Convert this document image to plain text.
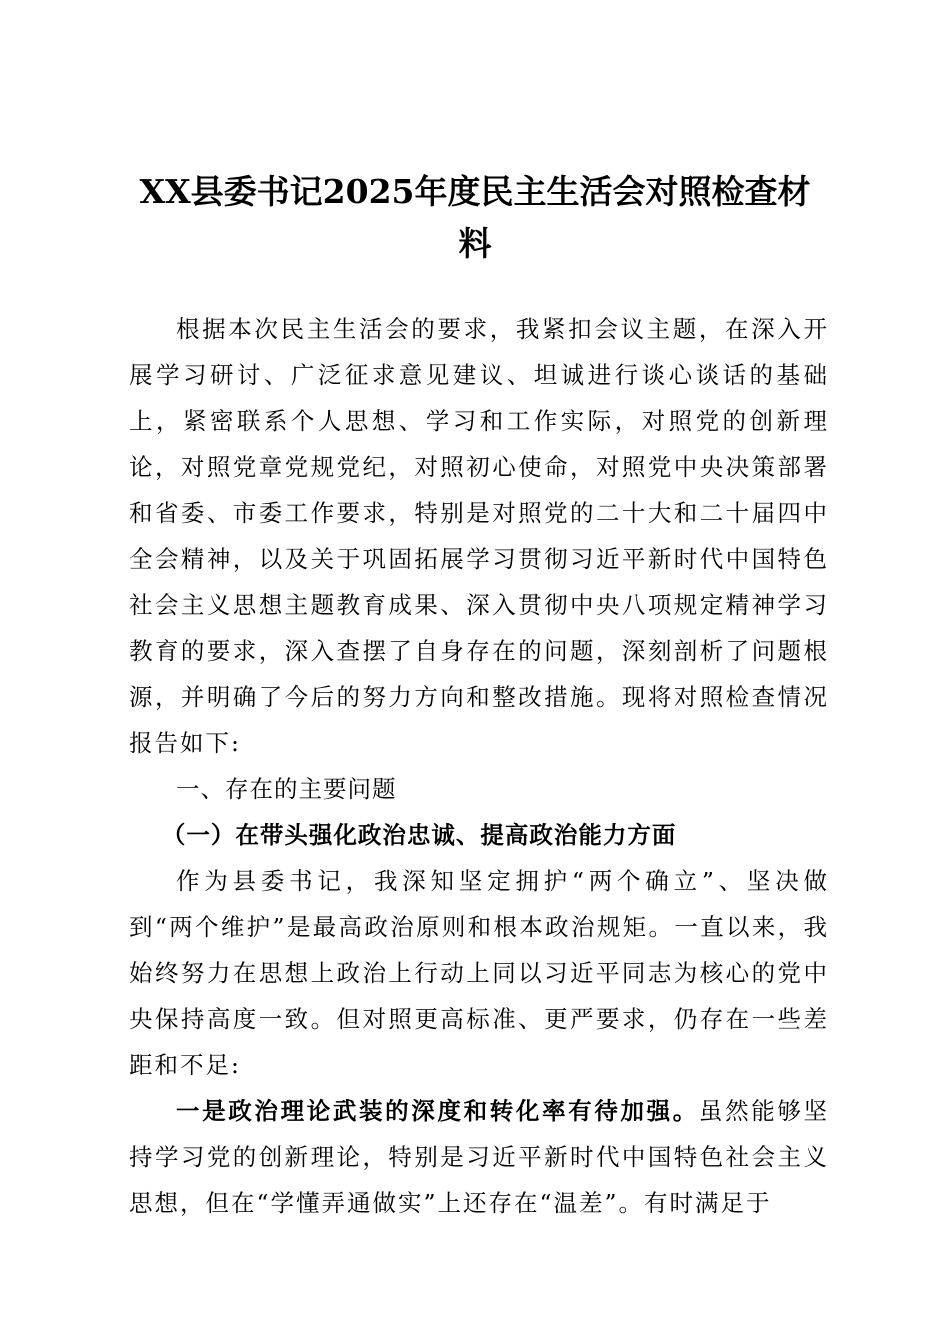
XX县委书记2025年度民主生活会对照检查材
料

根据本次民主生活会的要求，我紧扣会议主题，在深入开展学习研讨、广泛征求意见建议、坦诚进行谈心谈话的基础上，紧密联系个人思想、学习和工作实际，对照党的创新理论，对照党章党规党纪，对照初心使命，对照党中央决策部署和省委、市委工作要求，特别是对照党的二十大和二十届四中全会精神，以及关于巩固拓展学习贯彻习近平新时代中国特色社会主义思想主题教育成果、深入贯彻中央八项规定精神学习教育的要求，深入查摆了自身存在的问题，深刻剖析了问题根源，并明确了今后的努力方向和整改措施。现将对照检查情况报告如下:

一、存在的主要问题

（一）在带头强化政治忠诚、提高政治能力方面

作为县委书记，我深知坚定拥护“两个确立”、坚决做到“两个维护”是最高政治原则和根本政治规矩。一直以来，我始终努力在思想上政治上行动上同以习近平同志为核心的党中央保持高度一致。但对照更高标准、更严要求，仍存在一些差距和不足:

一是政治理论武装的深度和转化率有待加强。虽然能够坚持学习党的创新理论，特别是习近平新时代中国特色社会主义思想，但在“学懂弄通做实”上还存在“温差”。有时满足于
